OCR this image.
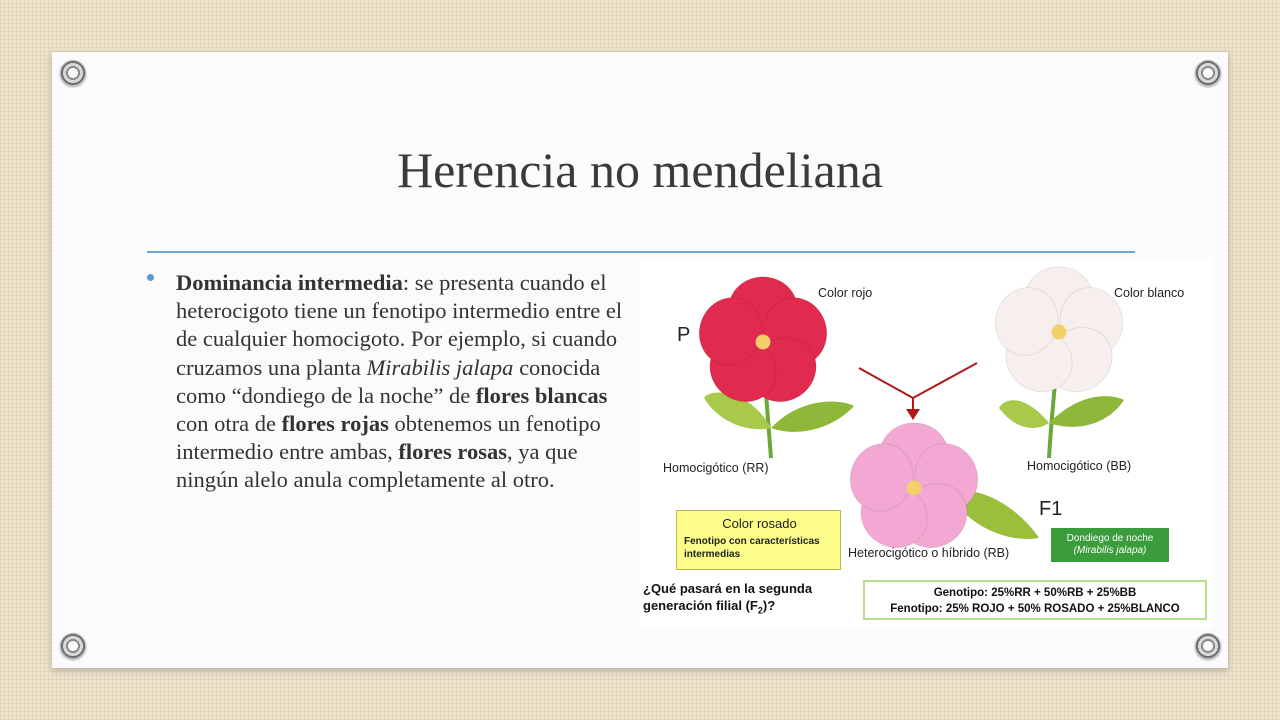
Herencia no mendeliana

Dominancia intermedia: se presenta cuando el heterocigoto tiene un fenotipo intermedio entre el de cualquier homocigoto. Por ejemplo, si cuando cruzamos una planta Mirabilis jalapa conocida como “dondiego de la noche” de flores blancas con otra de flores rojas obtenemos un fenotipo intermedio entre ambas, flores rosas, ya que ningún alelo anula completamente al otro.

P
F1
Color rojo	Color blanco
Homocigótico (RR)	Homocigótico (BB)
Heterocigótico o híbrido (RB)
Color rosado
Fenotipo con características
intermedias
Dondiego de noche
(Mirabilis jalapa)
¿Qué pasará en la segunda
generación filial $(F_2)$?
Genotipo: 25%RR + 50%RB + 25%BB
Fenotipo: 25% ROJO + 50% ROSADO + 25%BLANCO
